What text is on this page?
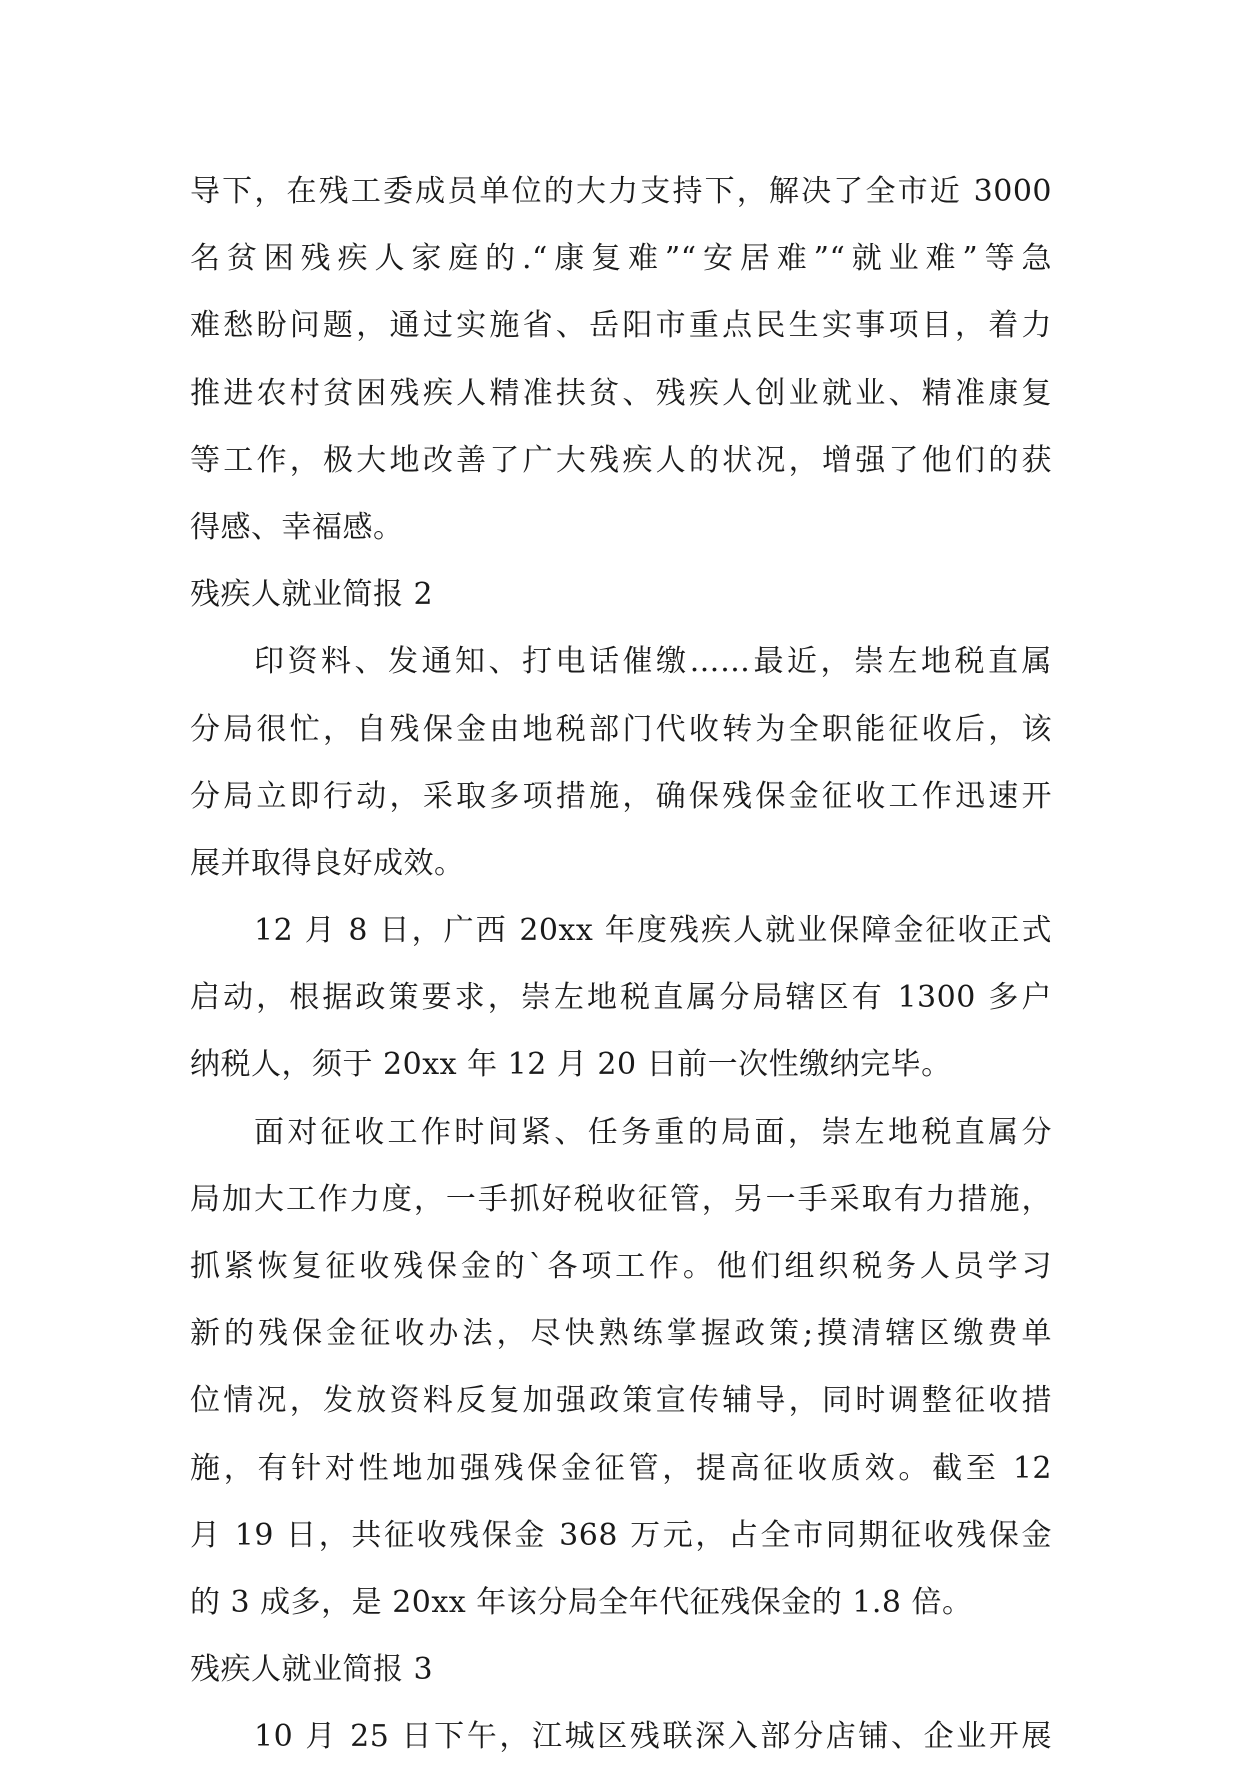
导下，在残工委成员单位的大力支持下，解决了全市近 3000
名贫困残疾人家庭的.“康复难”“安居难”“就业难”等急
难愁盼问题，通过实施省、岳阳市重点民生实事项目，着力
推进农村贫困残疾人精准扶贫、残疾人创业就业、精准康复
等工作，极大地改善了广大残疾人的状况，增强了他们的获
得感、幸福感。
残疾人就业简报 2
印资料、发通知、打电话催缴……最近，崇左地税直属
分局很忙，自残保金由地税部门代收转为全职能征收后，该
分局立即行动，采取多项措施，确保残保金征收工作迅速开
展并取得良好成效。
12 月 8 日，广西 20xx 年度残疾人就业保障金征收正式
启动，根据政策要求，崇左地税直属分局辖区有 1300 多户
纳税人，须于 20xx 年 12 月 20 日前一次性缴纳完毕。
面对征收工作时间紧、任务重的局面，崇左地税直属分
局加大工作力度，一手抓好税收征管，另一手采取有力措施，
抓紧恢复征收残保金的`各项工作。他们组织税务人员学习
新的残保金征收办法，尽快熟练掌握政策;摸清辖区缴费单
位情况，发放资料反复加强政策宣传辅导，同时调整征收措
施，有针对性地加强残保金征管，提高征收质效。截至 12
月 19 日，共征收残保金 368 万元，占全市同期征收残保金
的 3 成多，是 20xx 年该分局全年代征残保金的 1.8 倍。
残疾人就业简报 3
10 月 25 日下午，江城区残联深入部分店铺、企业开展
